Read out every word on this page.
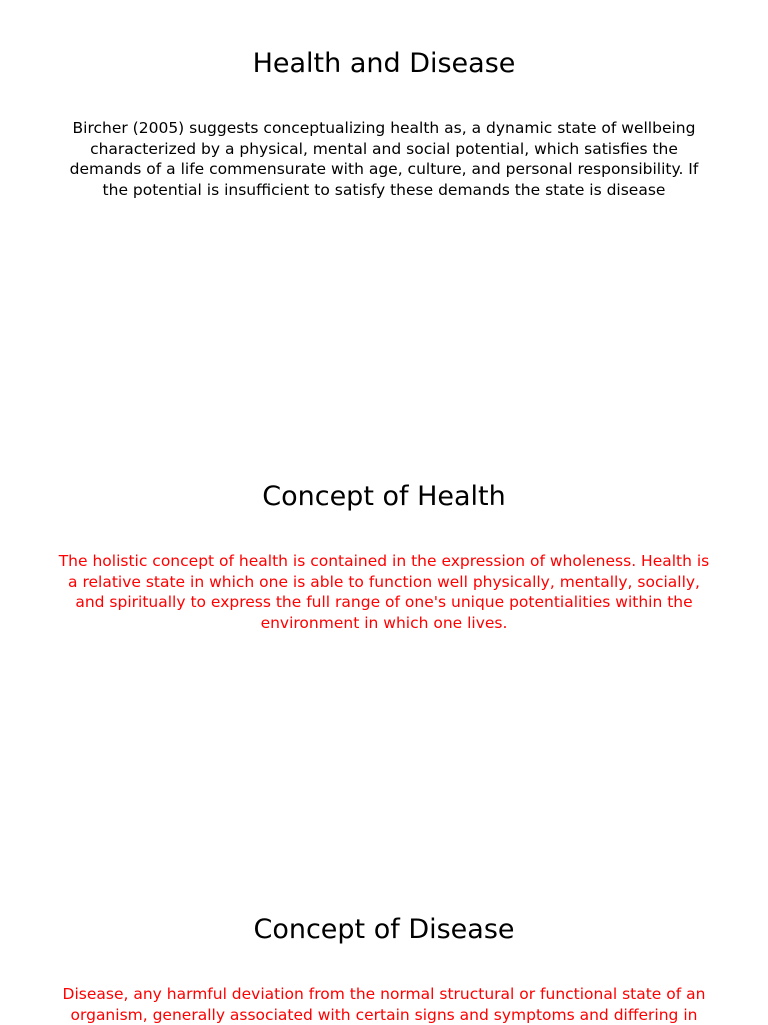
Health and Disease

Bircher (2005) suggests conceptualizing health as, a dynamic state of wellbeing characterized by a physical, mental and social potential, which satisfies the demands of a life commensurate with age, culture, and personal responsibility. If the potential is insufficient to satisfy these demands the state is disease

Concept of Health

The holistic concept of health is contained in the expression of wholeness. Health is a relative state in which one is able to function well physically, mentally, socially, and spiritually to express the full range of one's unique potentialities within the environment in which one lives.

Concept of Disease

Disease, any harmful deviation from the normal structural or functional state of an organism, generally associated with certain signs and symptoms and differing in
